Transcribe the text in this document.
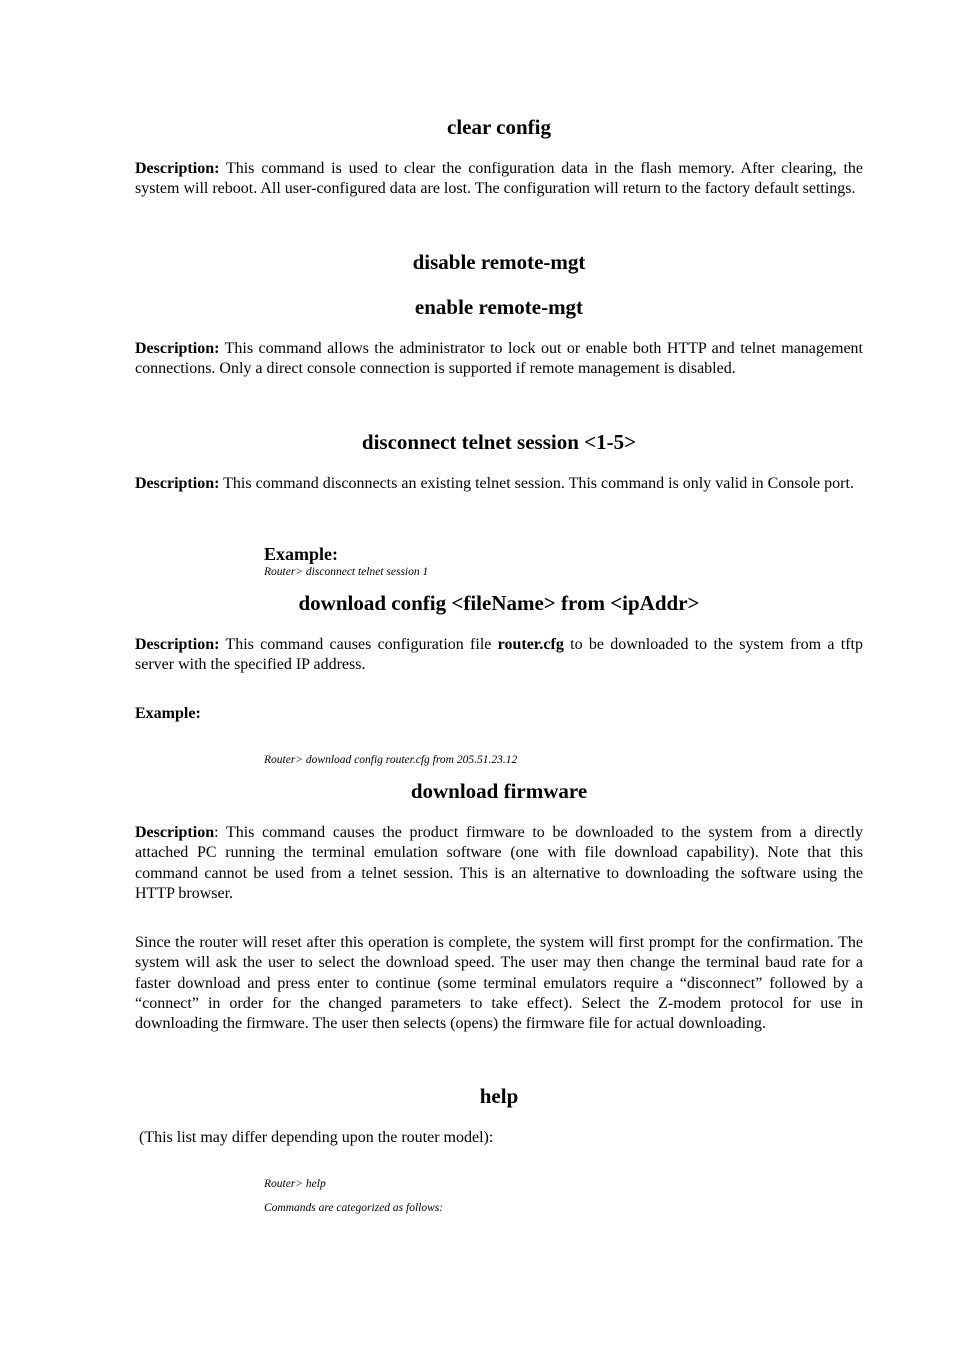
clear config
Description: This command is used to clear the configuration data in the flash memory. After clearing, the system will reboot. All user-configured data are lost. The configuration will return to the factory default settings.
disable remote-mgt
enable remote-mgt
Description: This command allows the administrator to lock out or enable both HTTP and telnet management connections. Only a direct console connection is supported if remote management is disabled.
disconnect telnet session <1-5>
Description: This command disconnects an existing telnet session. This command is only valid in Console port.
Example:
Router> disconnect telnet session 1
download config <fileName> from <ipAddr>
Description: This command causes configuration file router.cfg to be downloaded to the system from a tftp server with the specified IP address.
Example:
Router> download config router.cfg from 205.51.23.12
download firmware
Description: This command causes the product firmware to be downloaded to the system from a directly attached PC running the terminal emulation software (one with file download capability). Note that this command cannot be used from a telnet session. This is an alternative to downloading the software using the HTTP browser.
Since the router will reset after this operation is complete, the system will first prompt for the confirmation. The system will ask the user to select the download speed. The user may then change the terminal baud rate for a faster download and press enter to continue (some terminal emulators require a “disconnect” followed by a “connect” in order for the changed parameters to take effect). Select the Z-modem protocol for use in downloading the firmware. The user then selects (opens) the firmware file for actual downloading.
help
(This list may differ depending upon the router model):
Router> help
Commands are categorized as follows:
